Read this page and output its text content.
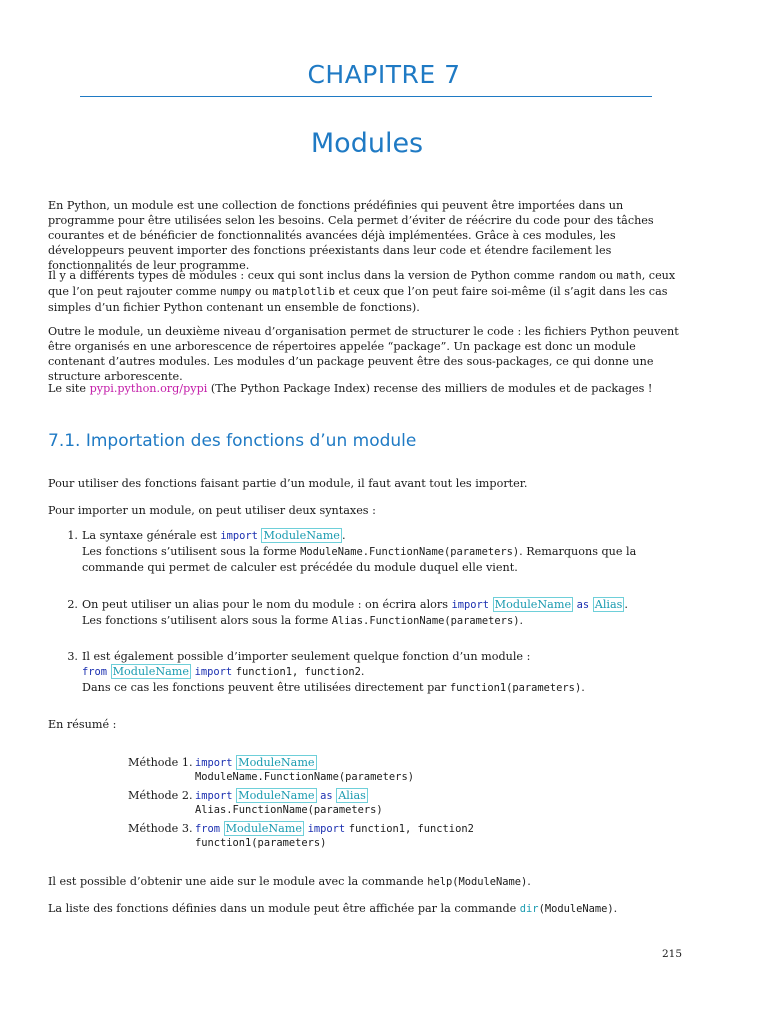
CHAPITRE 7
Modules
En Python, un module est une collection de fonctions prédéfinies qui peuvent être importées dans un programme pour être utilisées selon les besoins. Cela permet d’éviter de réécrire du code pour des tâches courantes et de bénéficier de fonctionnalités avancées déjà implémentées. Grâce à ces modules, les développeurs peuvent importer des fonctions préexistants dans leur code et étendre facilement les fonctionnalités de leur programme.
Il y a différents types de modules : ceux qui sont inclus dans la version de Python comme random ou math, ceux que l’on peut rajouter comme numpy ou matplotlib et ceux que l’on peut faire soi-même (il s’agit dans les cas simples d’un fichier Python contenant un ensemble de fonctions).
Outre le module, un deuxième niveau d’organisation permet de structurer le code : les fichiers Python peuvent être organisés en une arborescence de répertoires appelée “package”. Un package est donc un module contenant d’autres modules. Les modules d’un package peuvent être des sous-packages, ce qui donne une structure arborescente.
Le site pypi.python.org/pypi (The Python Package Index) recense des milliers de modules et de packages !
7.1. Importation des fonctions d’un module
Pour utiliser des fonctions faisant partie d’un module, il faut avant tout les importer.
Pour importer un module, on peut utiliser deux syntaxes :
1. La syntaxe générale est import ModuleName .
Les fonctions s’utilisent sous la forme ModuleName.FunctionName(parameters). Remarquons que la commande qui permet de calculer est précédée du module duquel elle vient.
2. On peut utiliser un alias pour le nom du module : on écrira alors import ModuleName as Alias .
Les fonctions s’utilisent alors sous la forme Alias.FunctionName(parameters).
3. Il est également possible d’importer seulement quelque fonction d’un module :
from ModuleName import function1, function2.
Dans ce cas les fonctions peuvent être utilisées directement par function1(parameters).
En résumé :
Méthode 1. import ModuleName
ModuleName.FunctionName(parameters)
Méthode 2. import ModuleName as Alias
Alias.FunctionName(parameters)
Méthode 3. from ModuleName import function1, function2
function1(parameters)
Il est possible d’obtenir une aide sur le module avec la commande help(ModuleName).
La liste des fonctions définies dans un module peut être affichée par la commande dir(ModuleName).
215
